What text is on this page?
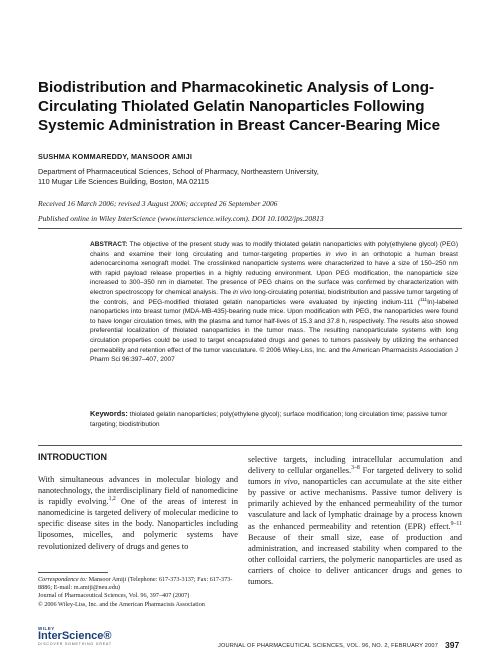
Biodistribution and Pharmacokinetic Analysis of Long-Circulating Thiolated Gelatin Nanoparticles Following Systemic Administration in Breast Cancer-Bearing Mice
SUSHMA KOMMAREDDY, MANSOOR AMIJI
Department of Pharmaceutical Sciences, School of Pharmacy, Northeastern University,
110 Mugar Life Sciences Building, Boston, MA 02115
Received 16 March 2006; revised 3 August 2006; accepted 26 September 2006
Published online in Wiley InterScience (www.interscience.wiley.com). DOI 10.1002/jps.20813
ABSTRACT: The objective of the present study was to modify thiolated gelatin nanoparticles with poly(ethylene glycol) (PEG) chains and examine their long circulating and tumor-targeting properties in vivo in an orthotopic a human breast adenocarcinoma xenograft model. The crosslinked nanoparticle systems were characterized to have a size of 150–250 nm with rapid payload release properties in a highly reducing environment. Upon PEG modification, the nanoparticle size increased to 300–350 nm in diameter. The presence of PEG chains on the surface was confirmed by characterization with electron spectroscopy for chemical analysis. The in vivo long-circulating potential, biodistribution and passive tumor targeting of the controls, and PEG-modified thiolated gelatin nanoparticles were evaluated by injecting indium-111 ($^{111}$In)-labeled nanoparticles into breast tumor (MDA-MB-435)-bearing nude mice. Upon modification with PEG, the nanoparticles were found to have longer circulation times, with the plasma and tumor half-lives of 15.3 and 37.8 h, respectively. The results also showed preferential localization of thiolated nanoparticles in the tumor mass. The resulting nanoparticulate systems with long circulation properties could be used to target encapsulated drugs and genes to tumors passively by utilizing the enhanced permeability and retention effect of the tumor vasculature. © 2006 Wiley-Liss, Inc. and the American Pharmacists Association J Pharm Sci 96:397–407, 2007
Keywords: thiolated gelatin nanoparticles; poly(ethylene glycol); surface modification; long circulation time; passive tumor targeting; biodistribution
INTRODUCTION
With simultaneous advances in molecular biology and nanotechnology, the interdisciplinary field of nanomedicine is rapidly evolving.$^{1,2}$ One of the areas of interest in nanomedicine is targeted delivery of molecular medicine to specific disease sites in the body. Nanoparticles including liposomes, micelles, and polymeric systems have revolutionized delivery of drugs and genes to
selective targets, including intracellular accumulation and delivery to cellular organelles.$^{3-8}$ For targeted delivery to solid tumors in vivo, nanoparticles can accumulate at the site either by passive or active mechanisms. Passive tumor delivery is primarily achieved by the enhanced permeability of the tumor vasculature and lack of lymphatic drainage by a process known as the enhanced permeability and retention (EPR) effect.$^{9-11}$ Because of their small size, ease of production and administration, and increased stability when compared to the other colloidal carriers, the polymeric nanoparticles are used as carriers of choice to deliver anticancer drugs and genes to tumors.
Correspondence to: Mansoor Amiji (Telephone: 617-373-3137; Fax: 617-373-8886; E-mail: m.amiji@neu.edu)
Journal of Pharmaceutical Sciences, Vol. 96, 397–407 (2007)
© 2006 Wiley-Liss, Inc. and the American Pharmacists Association
WILEY
InterScience®
DISCOVER SOMETHING GREAT	JOURNAL OF PHARMACEUTICAL SCIENCES, VOL. 96, NO. 2, FEBRUARY 2007 397
